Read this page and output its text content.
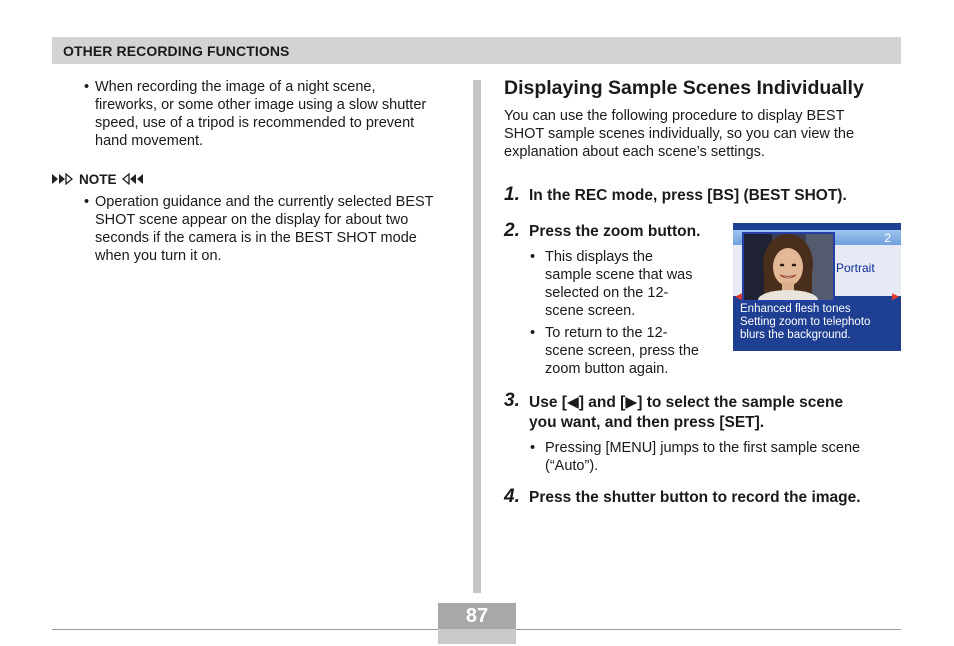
OTHER RECORDING FUNCTIONS
• When recording the image of a night scene,
fireworks, or some other image using a slow shutter
speed, use of a tripod is recommended to prevent
hand movement.
NOTE
• Operation guidance and the currently selected BEST
SHOT scene appear on the display for about two
seconds if the camera is in the BEST SHOT mode
when you turn it on.
Displaying Sample Scenes Individually
You can use the following procedure to display BEST
SHOT sample scenes individually, so you can view the
explanation about each scene’s settings.
1. In the REC mode, press [BS] (BEST SHOT).
2. Press the zoom button.
• This displays the
sample scene that was
selected on the 12-
scene screen.
• To return to the 12-
scene screen, press the
zoom button again.
2
Portrait
◀	▶
Enhanced flesh tones
Setting zoom to telephoto
blurs the background.
3. Use [◀] and [▶] to select the sample scene
you want, and then press [SET].
• Pressing [MENU] jumps to the first sample scene
(“Auto”).
4. Press the shutter button to record the image.
87
